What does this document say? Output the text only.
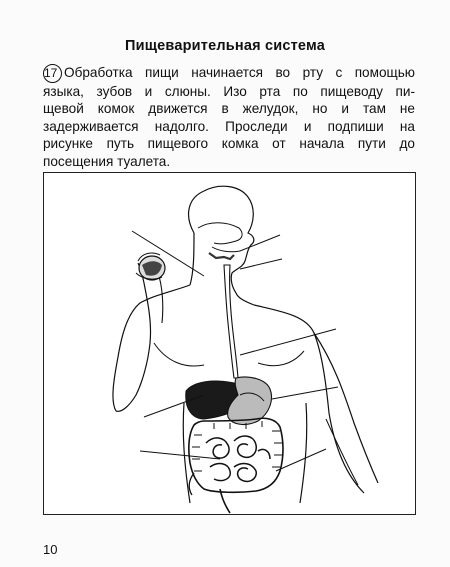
Пищеварительная система
17 Обработка пищи начинается во рту с помощью
языка, зубов и слюны. Изо рта по пищеводу пи-
щевой комок движется в желудок, но и там не
задерживается надолго. Проследи и подпиши на
рисунке путь пищевого комка от начала пути до
посещения туалета.
10
